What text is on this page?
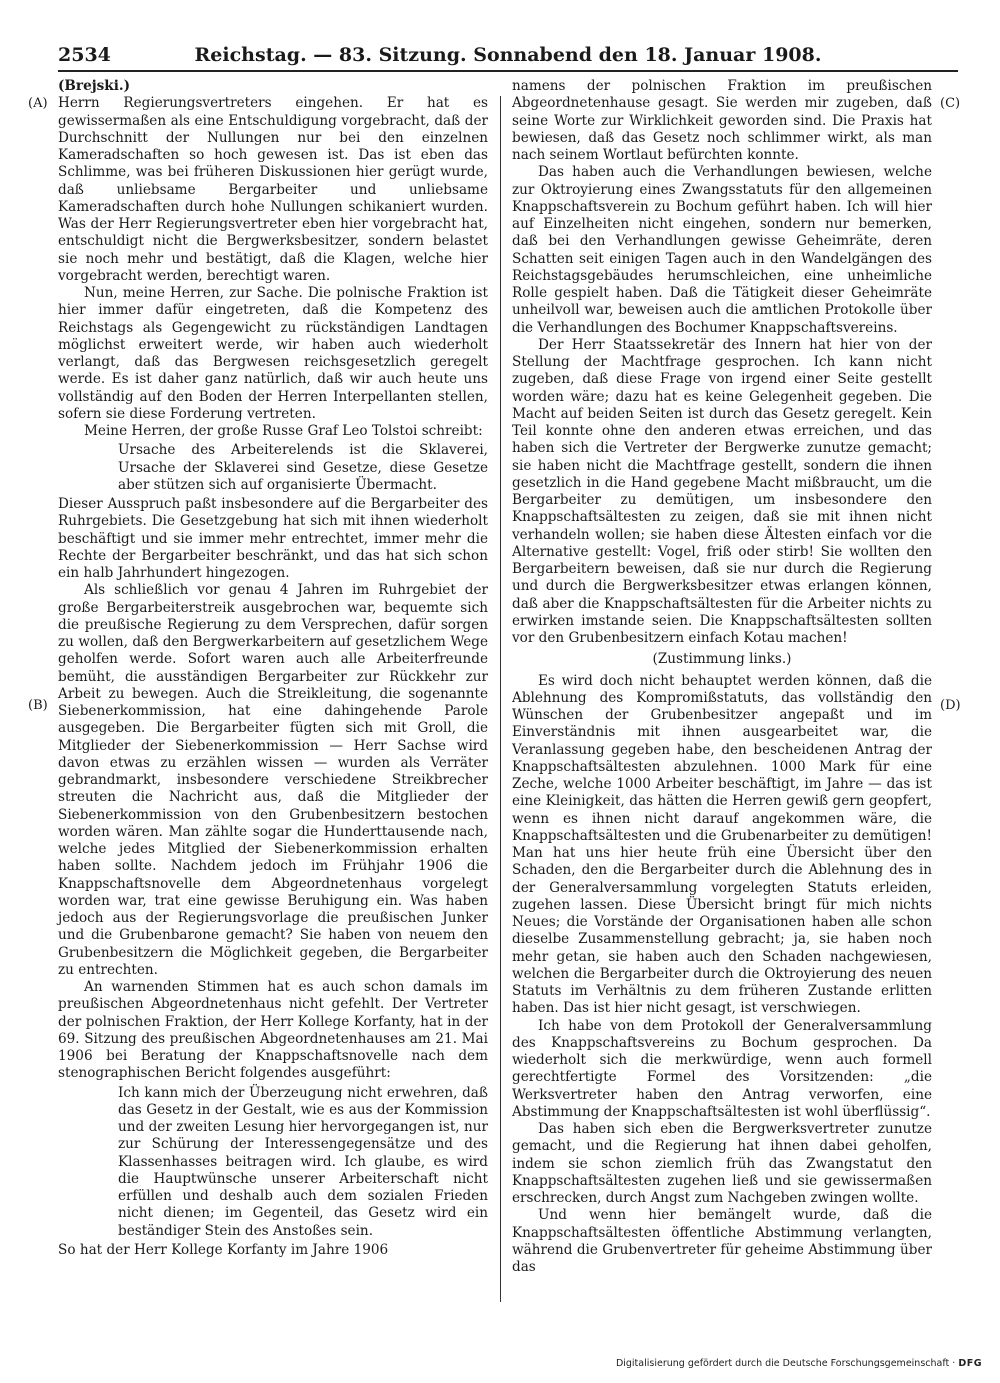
2534	Reichstag. — 83. Sitzung. Sonnabend den 18. Januar 1908.
(A)
(B)
(C)
(D)

(Brejski.)

Herrn Regierungsvertreters eingehen. Er hat es gewissermaßen als eine Entschuldigung vorgebracht, daß der Durchschnitt der Nullungen nur bei den einzelnen Kameradschaften so hoch gewesen ist. Das ist eben das Schlimme, was bei früheren Diskussionen hier gerügt wurde, daß unliebsame Bergarbeiter und unliebsame Kameradschaften durch hohe Nullungen schikaniert wurden. Was der Herr Regierungsvertreter eben hier vorgebracht hat, entschuldigt nicht die Bergwerksbesitzer, sondern belastet sie noch mehr und bestätigt, daß die Klagen, welche hier vorgebracht werden, berechtigt waren.

Nun, meine Herren, zur Sache. Die polnische Fraktion ist hier immer dafür eingetreten, daß die Kompetenz des Reichstags als Gegengewicht zu rückständigen Landtagen möglichst erweitert werde, wir haben auch wiederholt verlangt, daß das Bergwesen reichsgesetzlich geregelt werde. Es ist daher ganz natürlich, daß wir auch heute uns vollständig auf den Boden der Herren Interpellanten stellen, sofern sie diese Forderung vertreten.

Meine Herren, der große Russe Graf Leo Tolstoi schreibt:

Ursache des Arbeiterelends ist die Sklaverei, Ursache der Sklaverei sind Gesetze, diese Gesetze aber stützen sich auf organisierte Übermacht.

Dieser Ausspruch paßt insbesondere auf die Bergarbeiter des Ruhrgebiets. Die Gesetzgebung hat sich mit ihnen wiederholt beschäftigt und sie immer mehr entrechtet, immer mehr die Rechte der Bergarbeiter beschränkt, und das hat sich schon ein halb Jahrhundert hingezogen.

Als schließlich vor genau 4 Jahren im Ruhrgebiet der große Bergarbeiterstreik ausgebrochen war, bequemte sich die preußische Regierung zu dem Versprechen, dafür sorgen zu wollen, daß den Bergwerkarbeitern auf gesetzlichem Wege geholfen werde. Sofort waren auch alle Arbeiterfreunde bemüht, die ausständigen Bergarbeiter zur Rückkehr zur Arbeit zu bewegen. Auch die Streikleitung, die sogenannte Siebenerkommission, hat eine dahingehende Parole ausgegeben. Die Bergarbeiter fügten sich mit Groll, die Mitglieder der Siebenerkommission — Herr Sachse wird davon etwas zu erzählen wissen — wurden als Verräter gebrandmarkt, insbesondere verschiedene Streikbrecher streuten die Nachricht aus, daß die Mitglieder der Siebenerkommission von den Grubenbesitzern bestochen worden wären. Man zählte sogar die Hunderttausende nach, welche jedes Mitglied der Siebenerkommission erhalten haben sollte. Nachdem jedoch im Frühjahr 1906 die Knappschaftsnovelle dem Abgeordnetenhaus vorgelegt worden war, trat eine gewisse Beruhigung ein. Was haben jedoch aus der Regierungsvorlage die preußischen Junker und die Grubenbarone gemacht? Sie haben von neuem den Grubenbesitzern die Möglichkeit gegeben, die Bergarbeiter zu entrechten.

An warnenden Stimmen hat es auch schon damals im preußischen Abgeordnetenhaus nicht gefehlt. Der Vertreter der polnischen Fraktion, der Herr Kollege Korfanty, hat in der 69. Sitzung des preußischen Abgeordnetenhauses am 21. Mai 1906 bei Beratung der Knappschaftsnovelle nach dem stenographischen Bericht folgendes ausgeführt:

Ich kann mich der Überzeugung nicht erwehren, daß das Gesetz in der Gestalt, wie es aus der Kommission und der zweiten Lesung hier hervorgegangen ist, nur zur Schürung der Interessengegensätze und des Klassenhasses beitragen wird. Ich glaube, es wird die Hauptwünsche unserer Arbeiterschaft nicht erfüllen und deshalb auch dem sozialen Frieden nicht dienen; im Gegenteil, das Gesetz wird ein beständiger Stein des Anstoßes sein.

So hat der Herr Kollege Korfanty im Jahre 1906

namens der polnischen Fraktion im preußischen Abgeordnetenhause gesagt. Sie werden mir zugeben, daß seine Worte zur Wirklichkeit geworden sind. Die Praxis hat bewiesen, daß das Gesetz noch schlimmer wirkt, als man nach seinem Wortlaut befürchten konnte.

Das haben auch die Verhandlungen bewiesen, welche zur Oktroyierung eines Zwangsstatuts für den allgemeinen Knappschaftsverein zu Bochum geführt haben. Ich will hier auf Einzelheiten nicht eingehen, sondern nur bemerken, daß bei den Verhandlungen gewisse Geheimräte, deren Schatten seit einigen Tagen auch in den Wandelgängen des Reichstagsgebäudes herumschleichen, eine unheimliche Rolle gespielt haben. Daß die Tätigkeit dieser Geheimräte unheilvoll war, beweisen auch die amtlichen Protokolle über die Verhandlungen des Bochumer Knappschaftsvereins.

Der Herr Staatssekretär des Innern hat hier von der Stellung der Machtfrage gesprochen. Ich kann nicht zugeben, daß diese Frage von irgend einer Seite gestellt worden wäre; dazu hat es keine Gelegenheit gegeben. Die Macht auf beiden Seiten ist durch das Gesetz geregelt. Kein Teil konnte ohne den anderen etwas erreichen, und das haben sich die Vertreter der Bergwerke zunutze gemacht; sie haben nicht die Machtfrage gestellt, sondern die ihnen gesetzlich in die Hand gegebene Macht mißbraucht, um die Bergarbeiter zu demütigen, um insbesondere den Knappschaftsältesten zu zeigen, daß sie mit ihnen nicht verhandeln wollen; sie haben diese Ältesten einfach vor die Alternative gestellt: Vogel, friß oder stirb! Sie wollten den Bergarbeitern beweisen, daß sie nur durch die Regierung und durch die Bergwerksbesitzer etwas erlangen können, daß aber die Knappschaftsältesten für die Arbeiter nichts zu erwirken imstande seien. Die Knappschaftsältesten sollten vor den Grubenbesitzern einfach Kotau machen!

(Zustimmung links.)

Es wird doch nicht behauptet werden können, daß die Ablehnung des Kompromißstatuts, das vollständig den Wünschen der Grubenbesitzer angepaßt und im Einverständnis mit ihnen ausgearbeitet war, die Veranlassung gegeben habe, den bescheidenen Antrag der Knappschaftsältesten abzulehnen. 1000 Mark für eine Zeche, welche 1000 Arbeiter beschäftigt, im Jahre — das ist eine Kleinigkeit, das hätten die Herren gewiß gern geopfert, wenn es ihnen nicht darauf angekommen wäre, die Knappschaftsältesten und die Grubenarbeiter zu demütigen! Man hat uns hier heute früh eine Übersicht über den Schaden, den die Bergarbeiter durch die Ablehnung des in der Generalversammlung vorgelegten Statuts erleiden, zugehen lassen. Diese Übersicht bringt für mich nichts Neues; die Vorstände der Organisationen haben alle schon dieselbe Zusammenstellung gebracht; ja, sie haben noch mehr getan, sie haben auch den Schaden nachgewiesen, welchen die Bergarbeiter durch die Oktroyierung des neuen Statuts im Verhältnis zu dem früheren Zustande erlitten haben. Das ist hier nicht gesagt, ist verschwiegen.

Ich habe von dem Protokoll der Generalversammlung des Knappschaftsvereins zu Bochum gesprochen. Da wiederholt sich die merkwürdige, wenn auch formell gerechtfertigte Formel des Vorsitzenden: „die Werksvertreter haben den Antrag verworfen, eine Abstimmung der Knappschaftsältesten ist wohl überflüssig“.

Das haben sich eben die Bergwerksvertreter zunutze gemacht, und die Regierung hat ihnen dabei geholfen, indem sie schon ziemlich früh das Zwangstatut den Knappschaftsältesten zugehen ließ und sie gewissermaßen erschrecken, durch Angst zum Nachgeben zwingen wollte.

Und wenn hier bemängelt wurde, daß die Knappschaftsältesten öffentliche Abstimmung verlangten, während die Grubenvertreter für geheime Abstimmung über das

Digitalisierung gefördert durch die Deutsche Forschungsgemeinschaft · DFG
